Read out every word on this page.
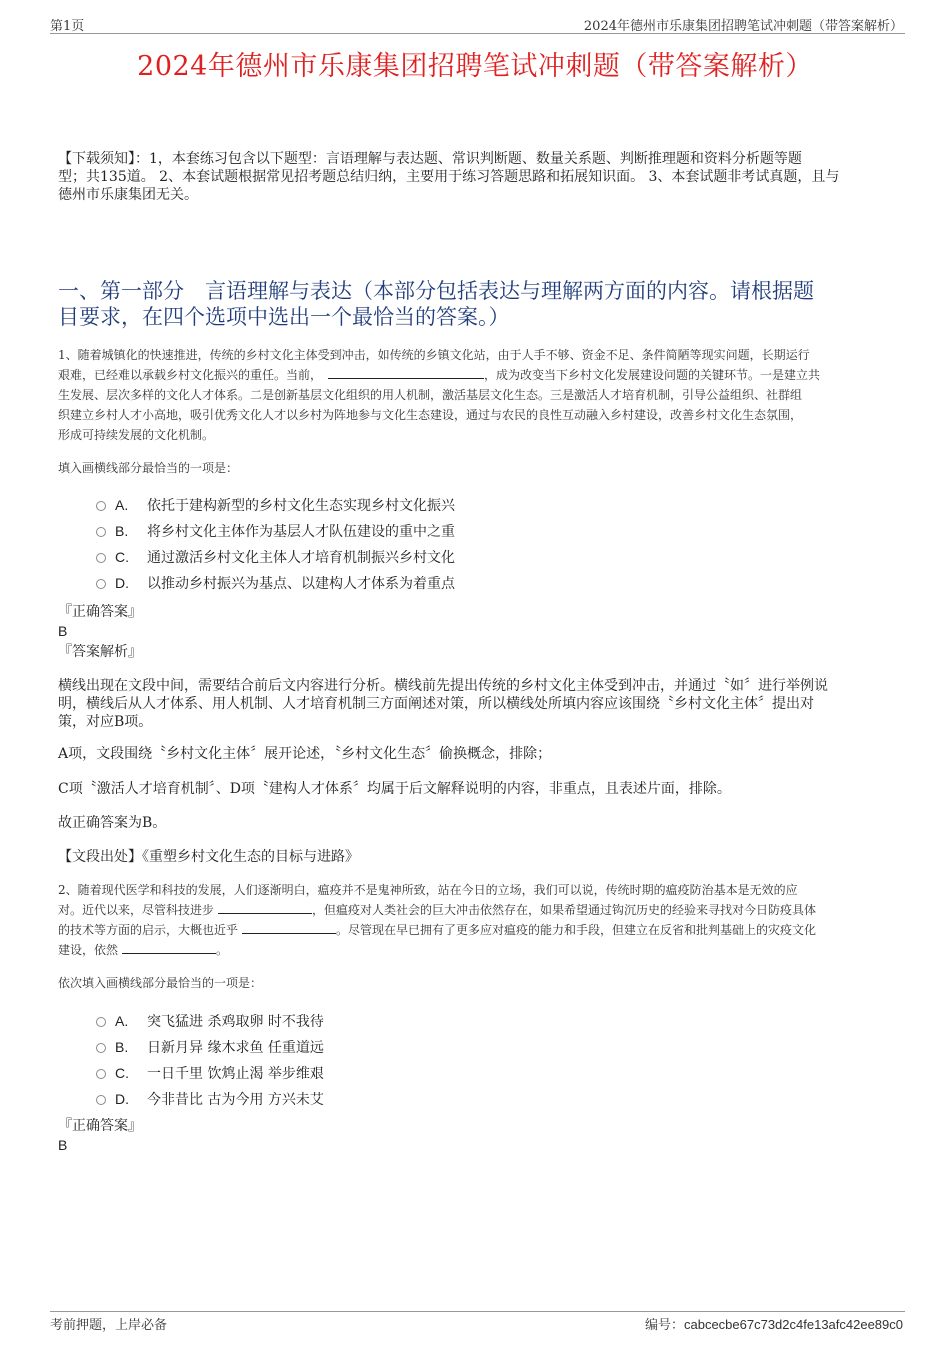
第1页	2024年德州市乐康集团招聘笔试冲刺题（带答案解析）
2024年德州市乐康集团招聘笔试冲刺题（带答案解析）
【下载须知】：1，本套练习包含以下题型：言语理解与表达题、常识判断题、数量关系题、判断推理题和资料分析题等题
型；共135道。 2、本套试题根据常见招考题总结归纳，主要用于练习答题思路和拓展知识面。 3、本套试题非考试真题，且与
德州市乐康集团无关。
一、第一部分　言语理解与表达（本部分包括表达与理解两方面的内容。请根据题
目要求，在四个选项中选出一个最恰当的答案。）
1、随着城镇化的快速推进，传统的乡村文化主体受到冲击，如传统的乡镇文化站，由于人手不够、资金不足、条件简陋等现实问题，长期运行
艰难，已经难以承载乡村文化振兴的重任。当前，	，成为改变当下乡村文化发展建设问题的关键环节。一是建立共
生发展、层次多样的文化人才体系。二是创新基层文化组织的用人机制，激活基层文化生态。三是激活人才培育机制，引导公益组织、社群组
织建立乡村人才小高地，吸引优秀文化人才以乡村为阵地参与文化生态建设，通过与农民的良性互动融入乡村建设，改善乡村文化生态氛围，
形成可持续发展的文化机制。
填入画横线部分最恰当的一项是：
A. 依托于建构新型的乡村文化生态实现乡村文化振兴
B. 将乡村文化主体作为基层人才队伍建设的重中之重
C. 通过激活乡村文化主体人才培育机制振兴乡村文化
D. 以推动乡村振兴为基点、以建构人才体系为着重点
『正确答案』
B
『答案解析』
横线出现在文段中间，需要结合前后文内容进行分析。横线前先提出传统的乡村文化主体受到冲击，并通过〝如〞进行举例说
明，横线后从人才体系、用人机制、人才培育机制三方面阐述对策，所以横线处所填内容应该围绕〝乡村文化主体〞提出对
策，对应B项。
A项，文段围绕〝乡村文化主体〞展开论述，〝乡村文化生态〞偷换概念，排除；
C项〝激活人才培育机制〞、D项〝建构人才体系〞均属于后文解释说明的内容，非重点，且表述片面，排除。
故正确答案为B。
【文段出处】《重塑乡村文化生态的目标与进路》
2、随着现代医学和科技的发展，人们逐渐明白，瘟疫并不是鬼神所致，站在今日的立场，我们可以说，传统时期的瘟疫防治基本是无效的应
对。近代以来，尽管科技进步	，但瘟疫对人类社会的巨大冲击依然存在，如果希望通过钩沉历史的经验来寻找对今日防疫具体
的技术等方面的启示，大概也近乎	。尽管现在早已拥有了更多应对瘟疫的能力和手段，但建立在反省和批判基础上的灾疫文化
建设，依然	。
依次填入画横线部分最恰当的一项是：
A. 突飞猛进 杀鸡取卵 时不我待
B. 日新月异 缘木求鱼 任重道远
C. 一日千里 饮鸩止渴 举步维艰
D. 今非昔比 古为今用 方兴未艾
『正确答案』
B
考前押题，上岸必备	编号：cabcecbe67c73d2c4fe13afc42ee89c0
